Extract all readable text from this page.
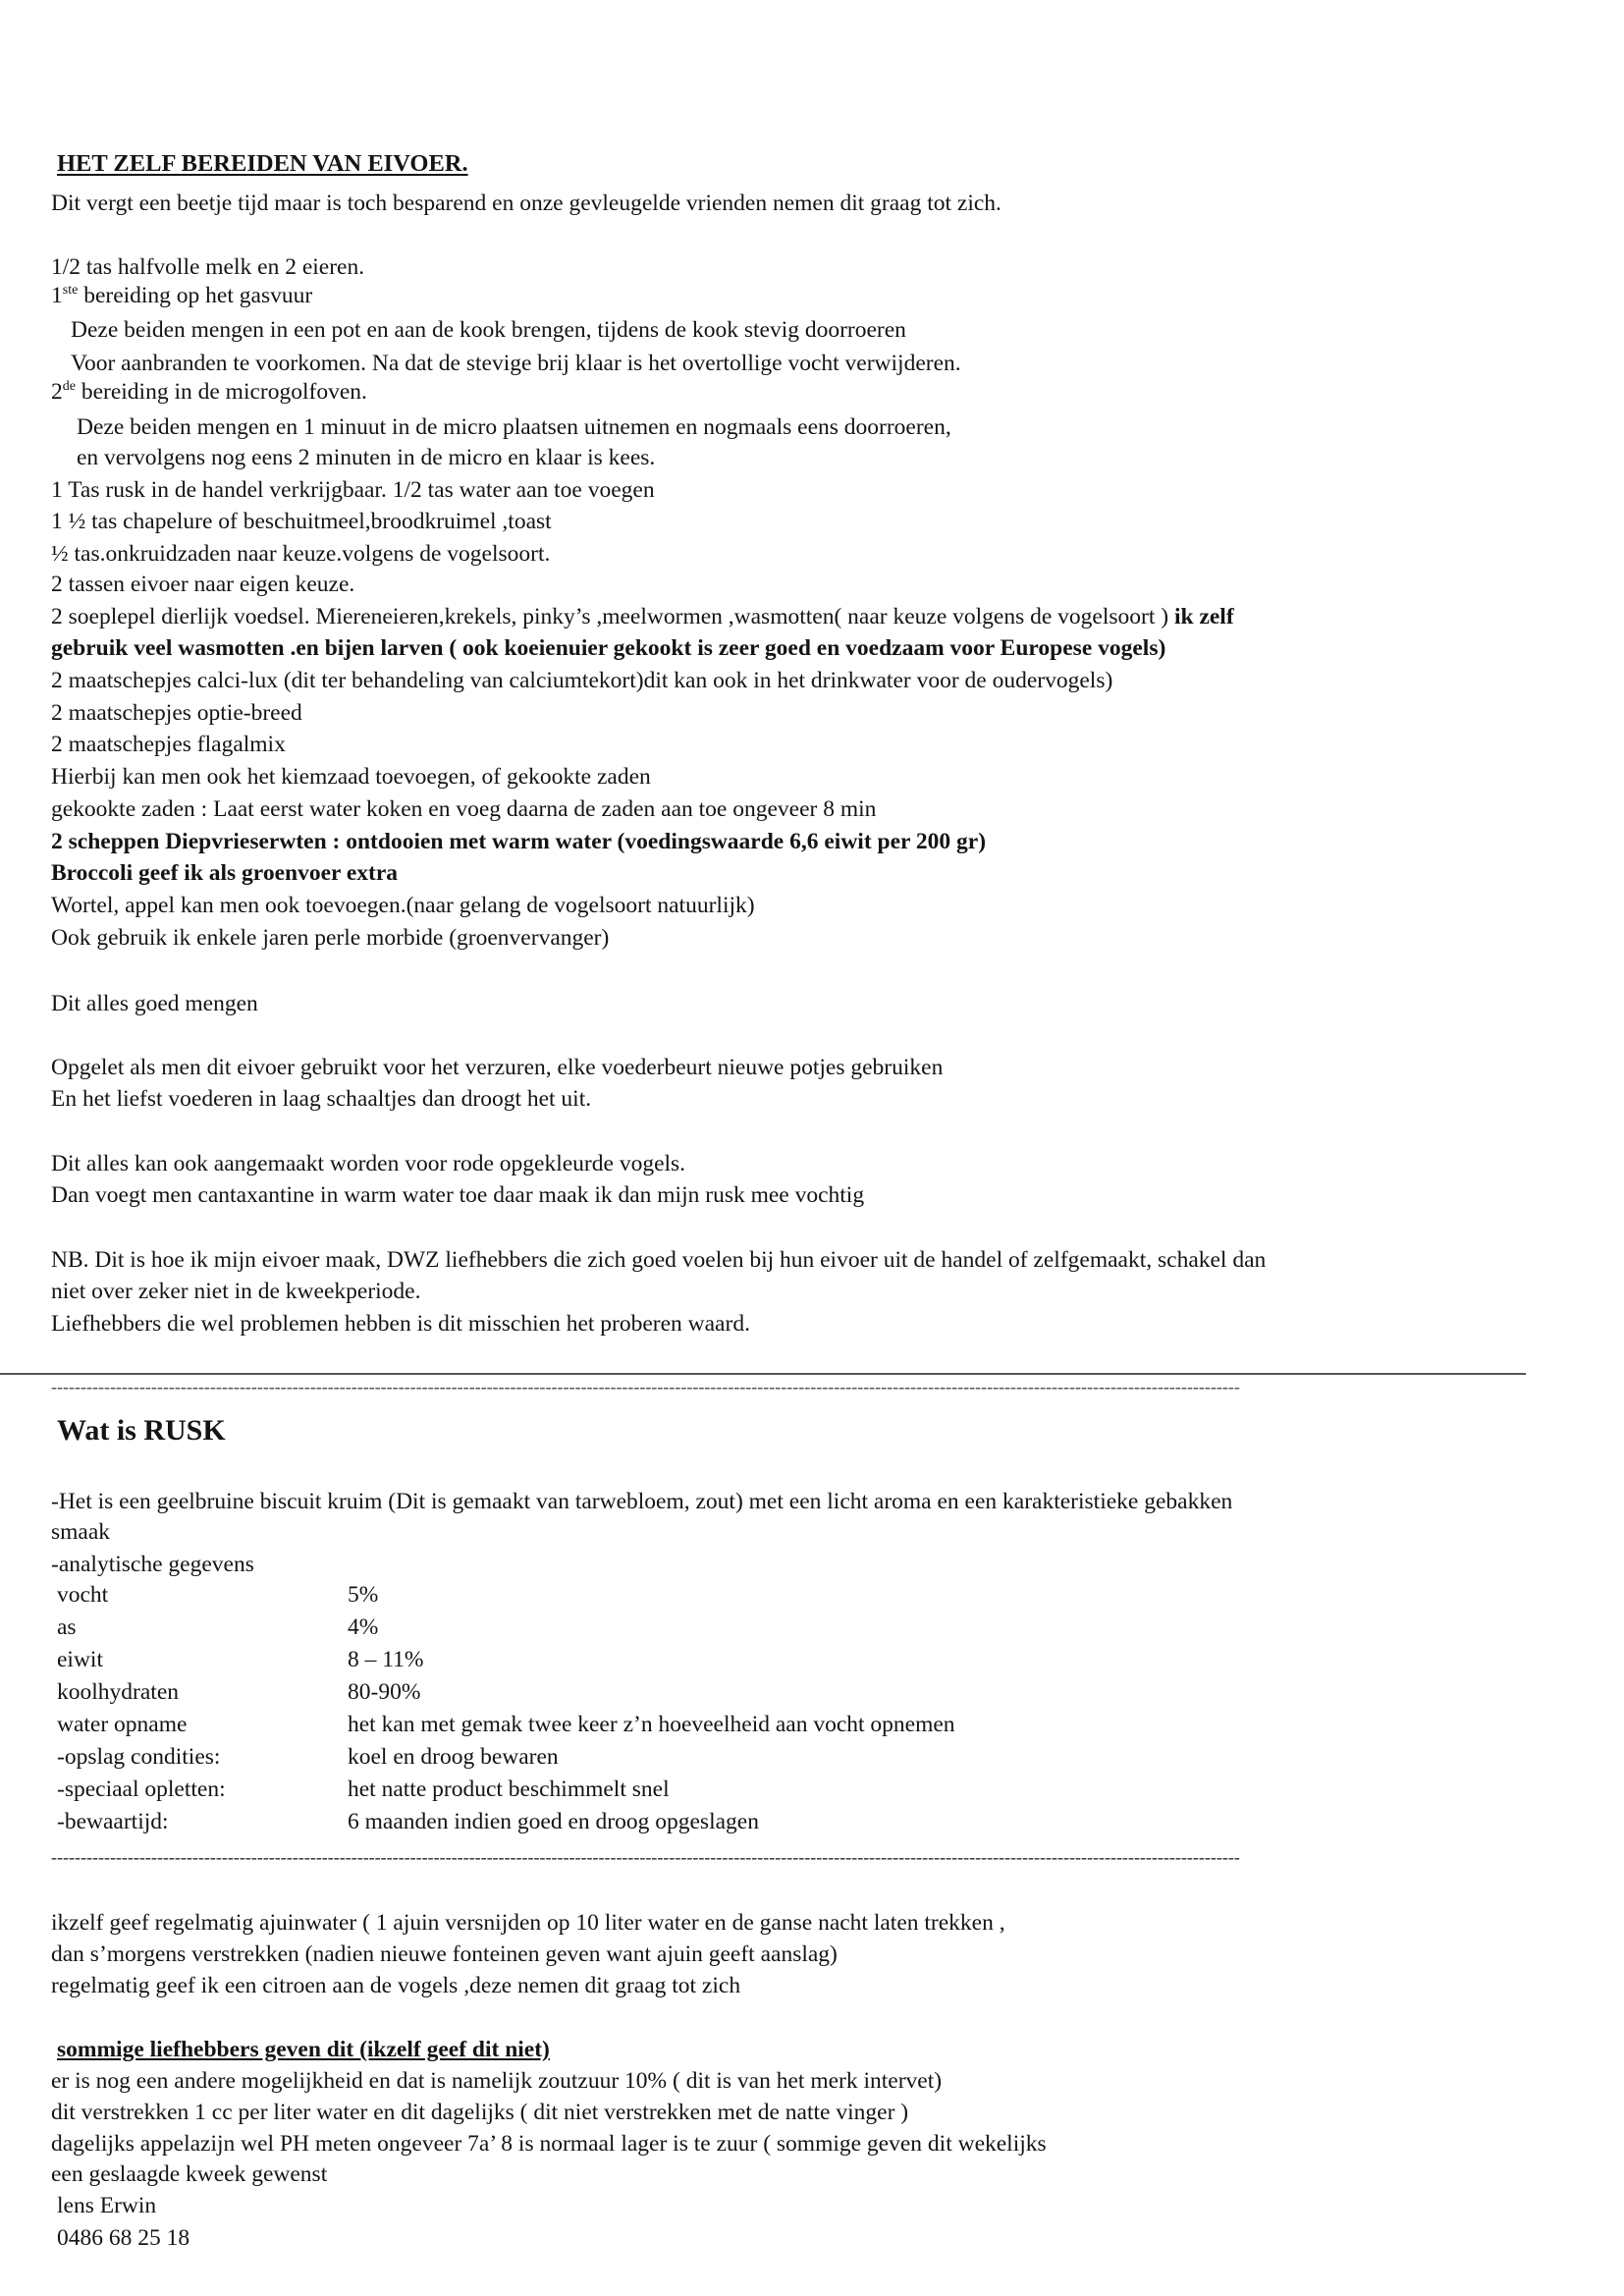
HET ZELF BEREIDEN VAN EIVOER.
Dit vergt een beetje tijd maar is toch besparend en onze gevleugelde vrienden nemen dit graag tot zich.
1/2 tas halfvolle melk en 2 eieren.
1ste bereiding op het gasvuur
Deze beiden mengen in een pot en aan de kook brengen, tijdens de kook stevig doorroeren
Voor aanbranden te voorkomen. Na dat de stevige brij klaar is het overtollige vocht verwijderen.
2de bereiding in de microgolfoven.
Deze beiden mengen en 1 minuut in de micro plaatsen uitnemen en nogmaals eens doorroeren,
en vervolgens nog eens 2 minuten in de micro en klaar is kees.
1 Tas rusk in de handel verkrijgbaar. 1/2 tas water aan toe voegen
1 ½ tas chapelure of beschuitmeel,broodkruimel ,toast
½ tas.onkruidzaden naar keuze.volgens de vogelsoort.
2 tassen eivoer naar eigen keuze.
2 soeplepel dierlijk voedsel. Miereneieren,krekels, pinky’s ,meelwormen ,wasmotten( naar keuze volgens de vogelsoort ) ik zelf
gebruik veel wasmotten .en bijen larven ( ook koeienuier gekookt is zeer goed en voedzaam voor Europese vogels)
2 maatschepjes calci-lux (dit ter behandeling van calciumtekort)dit kan ook in het drinkwater voor de oudervogels)
2 maatschepjes optie-breed
2 maatschepjes flagalmix
Hierbij kan men ook het kiemzaad toevoegen, of gekookte zaden
gekookte zaden : Laat eerst water koken en voeg daarna de zaden aan toe ongeveer 8 min
2 scheppen Diepvrieserwten : ontdooien met warm water (voedingswaarde 6,6 eiwit per 200 gr)
Broccoli geef ik als groenvoer extra
Wortel, appel kan men ook toevoegen.(naar gelang de vogelsoort natuurlijk)
Ook gebruik ik enkele jaren perle morbide (groenvervanger)
Dit alles goed mengen
Opgelet als men dit eivoer gebruikt voor het verzuren, elke voederbeurt nieuwe potjes gebruiken
En het liefst voederen in laag schaaltjes dan droogt het uit.
Dit alles kan ook aangemaakt worden voor rode opgekleurde vogels.
Dan voegt men cantaxantine in warm water toe daar maak ik dan mijn rusk mee vochtig
NB. Dit is hoe ik mijn eivoer maak, DWZ liefhebbers die zich goed voelen bij hun eivoer uit de handel of zelfgemaakt, schakel dan
niet over zeker niet in de kweekperiode.
Liefhebbers die wel problemen hebben is dit misschien het proberen waard.
----------------------------------------------------------------------------------------------------------------------------------------------------------------------------------------------------------
Wat is RUSK
-Het is een geelbruine biscuit kruim (Dit is gemaakt van tarwebloem, zout) met een licht aroma en een karakteristieke gebakken
smaak
-analytische gegevens
vocht	5%
as	4%
eiwit	8 – 11%
koolhydraten	80-90%
water opname	het kan met gemak twee keer z’n hoeveelheid aan vocht opnemen
-opslag condities:	koel en droog bewaren
-speciaal opletten:	het natte product beschimmelt snel
-bewaartijd:	6 maanden indien goed en droog opgeslagen
----------------------------------------------------------------------------------------------------------------------------------------------------------------------------------------------------------
ikzelf geef regelmatig ajuinwater ( 1 ajuin versnijden op 10 liter water en de ganse nacht laten trekken ,
dan s’morgens verstrekken (nadien nieuwe fonteinen geven want ajuin geeft aanslag)
regelmatig geef ik een citroen aan de vogels ,deze nemen dit graag tot zich
sommige liefhebbers geven dit (ikzelf geef dit niet)
er is nog een andere mogelijkheid en dat is namelijk zoutzuur 10% ( dit is van het merk intervet)
dit verstrekken 1 cc per liter water en dit dagelijks ( dit niet verstrekken met de natte vinger )
dagelijks appelazijn wel PH meten ongeveer 7a’ 8 is normaal lager is te zuur ( sommige geven dit wekelijks
een geslaagde kweek gewenst
lens Erwin
0486 68 25 18
